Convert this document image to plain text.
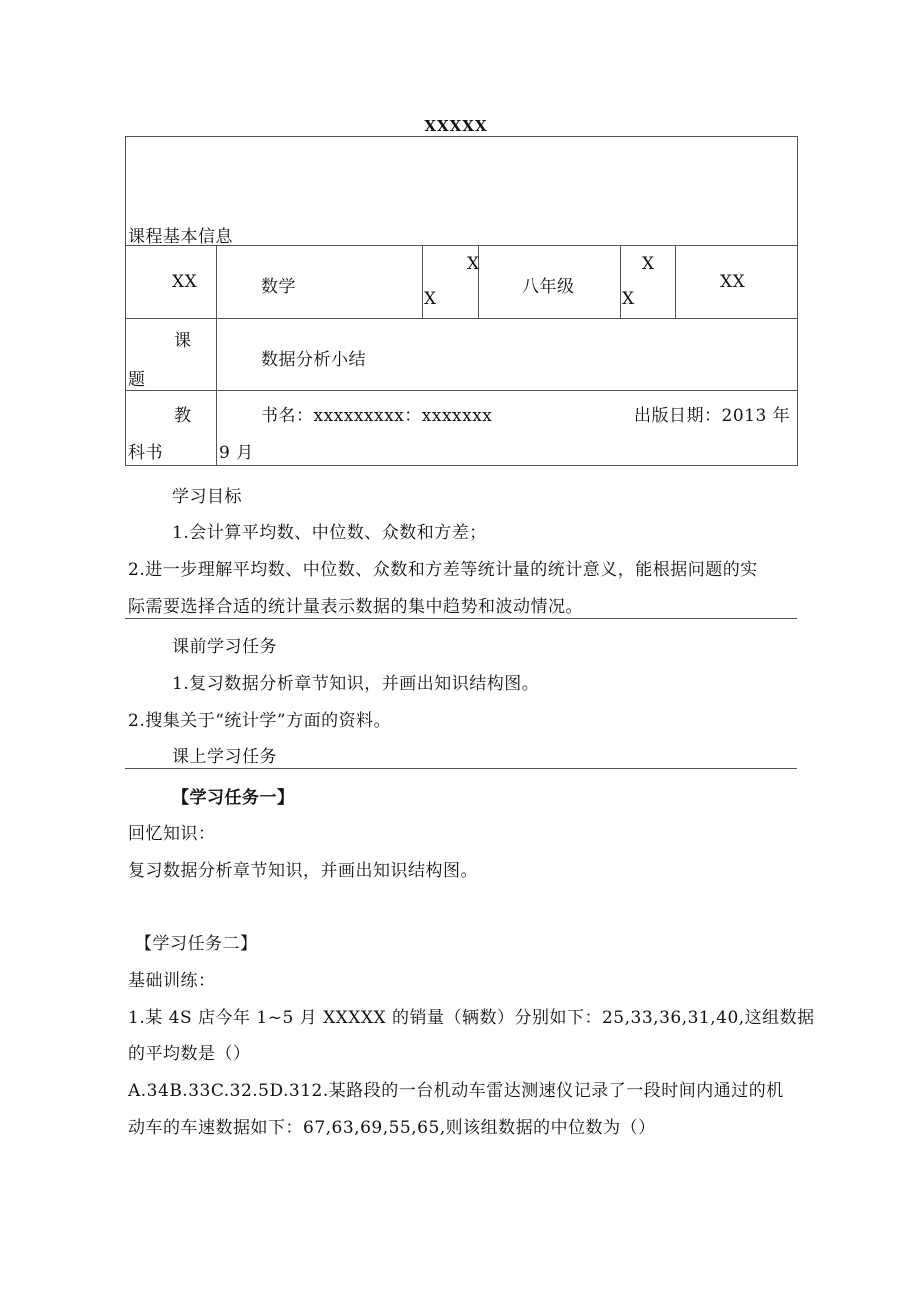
XXXXX
课程基本信息
XX	数学
X
X
八年级
X
X
XX
课
题
数据分析小结
教
科书
书名：xxxxxxxxx：xxxxxxx	出版日期：2013 年
9 月
学习目标
1.会计算平均数、中位数、众数和方差；
2.进一步理解平均数、中位数、众数和方差等统计量的统计意义，能根据问题的实
际需要选择合适的统计量表示数据的集中趋势和波动情况。
课前学习任务
1.复习数据分析章节知识，并画出知识结构图。
2.搜集关于“统计学”方面的资料。
课上学习任务
【学习任务一】
回忆知识：
复习数据分析章节知识，并画出知识结构图。
【学习任务二】
基础训练：
1.某 4S 店今年 1~5 月 XXXXX 的销量（辆数）分别如下：25,33,36,31,40,这组数据
的平均数是（）
A.34B.33C.32.5D.312.某路段的一台机动车雷达测速仪记录了一段时间内通过的机
动车的车速数据如下：67,63,69,55,65,则该组数据的中位数为（）
